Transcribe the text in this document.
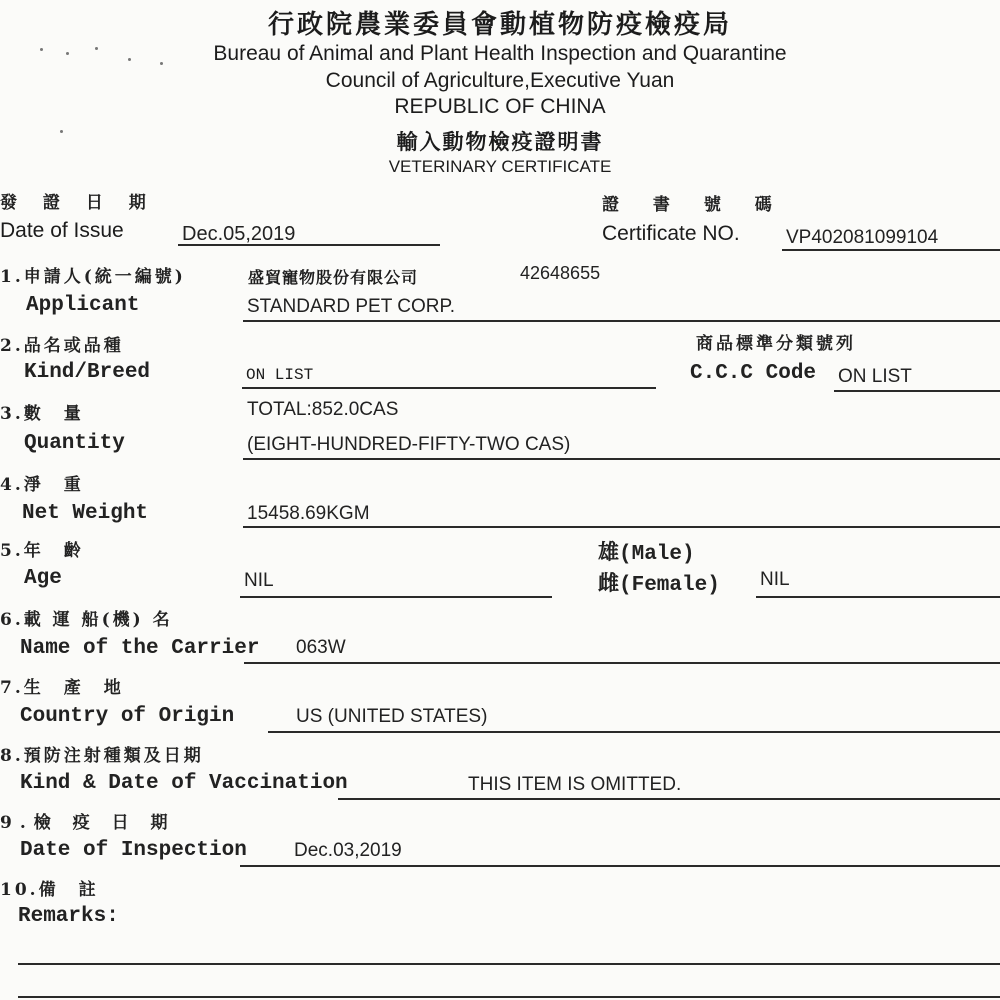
行政院農業委員會動植物防疫檢疫局
Bureau of Animal and Plant Health Inspection and Quarantine
Council of Agriculture,Executive Yuan
REPUBLIC OF CHINA
輸入動物檢疫證明書
VETERINARY CERTIFICATE
發 證 日 期
Date of Issue	Dec.05,2019
證 書 號 碼
Certificate NO. VP402081099104
1.申請人(統一編號)	盛貿寵物股份有限公司	42648655
Applicant	STANDARD PET CORP.
2.品名或品種
Kind/Breed	ON LIST
商品標準分類號列
C.C.C Code ON LIST
3.數　量	TOTAL:852.0CAS
Quantity	(EIGHT-HUNDRED-FIFTY-TWO CAS)
4.淨　重
Net Weight	15458.69KGM
5.年　齡
Age	NIL
雄(Male)
雌(Female) NIL
6.載 運 船(機) 名
Name of the Carrier 063W
7.生　產　地
Country of Origin	US (UNITED STATES)
8.預防注射種類及日期
Kind & Date of Vaccination	THIS ITEM IS OMITTED.
9.檢 疫 日 期
Date of Inspection Dec.03,2019
10.備　註
Remarks:
